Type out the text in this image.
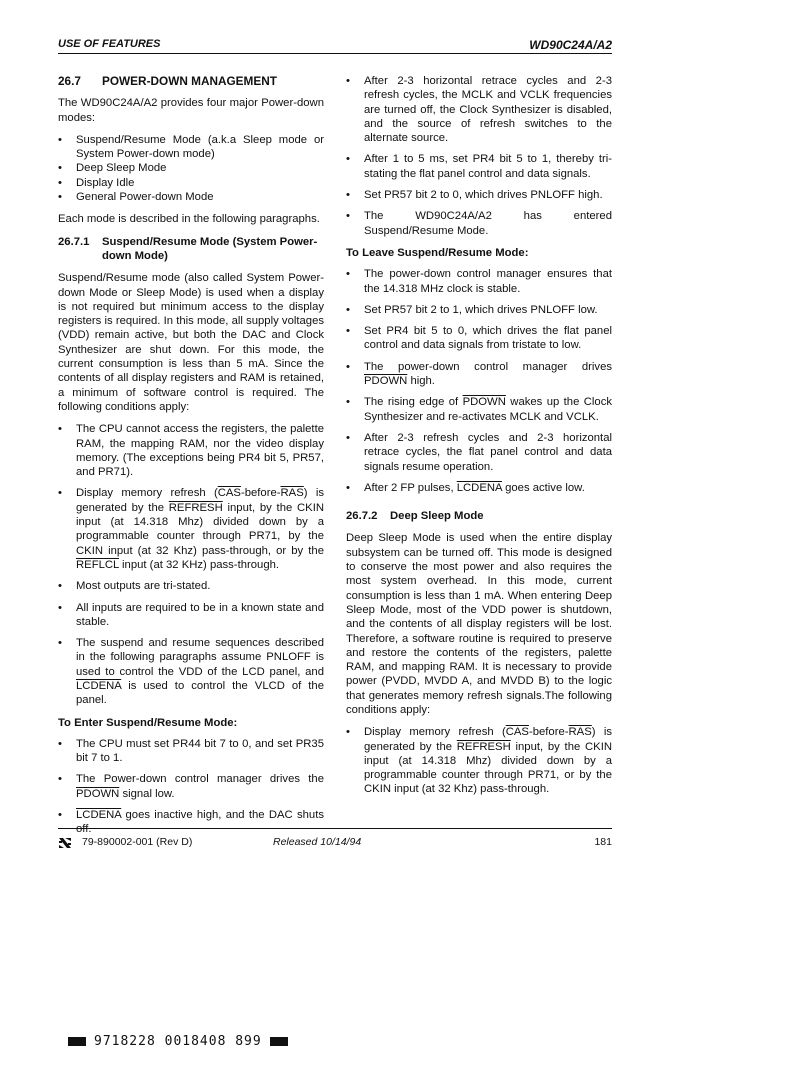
USE OF FEATURES	WD90C24A/A2
26.7 POWER-DOWN MANAGEMENT

The WD90C24A/A2 provides four major Power-down modes:

• Suspend/Resume Mode (a.k.a Sleep mode or System Power-down mode)
• Deep Sleep Mode
• Display Idle
• General Power-down Mode

Each mode is described in the following paragraphs.

26.7.1	Suspend/Resume Mode (System Power-down Mode)

Suspend/Resume mode (also called System Power-down Mode or Sleep Mode) is used when a display is not required but minimum access to the display registers is required. In this mode, all supply voltages (VDD) remain active, but both the DAC and Clock Synthesizer are shut down. For this mode, the current consumption is less than 5 mA. Since the contents of all display registers and RAM is retained, a minimum of software control is required. The following conditions apply:

• The CPU cannot access the registers, the palette RAM, the mapping RAM, nor the video display memory. (The exceptions being PR4 bit 5, PR57, and PR71).
• Display memory refresh $(\overline{CAS}-before-\overline{RAS})$ is generated by the REFRESH input, by the CKIN input (at 14.318 Mhz) divided down by a programmable counter through PR71, by the CKIN input (at 32 Khz) pass-through, or by the REFLCL input (at 32 KHz) pass-through.
• Most outputs are tri-stated.
• All inputs are required to be in a known state and stable.
• The suspend and resume sequences described in the following paragraphs assume PNLOFF is used to control the VDD of the LCD panel, and LCDENA is used to control the VLCD of the panel.
To Enter Suspend/Resume Mode:
• The CPU must set PR44 bit 7 to 0, and set PR35 bit 7 to 1.
• The Power-down control manager drives the PDOWN signal low.
• LCDENA goes inactive high, and the DAC shuts off.
• After 2-3 horizontal retrace cycles and 2-3 refresh cycles, the MCLK and VCLK frequencies are turned off, the Clock Synthesizer is disabled, and the source of refresh switches to the alternate source.
• After 1 to 5 ms, set PR4 bit 5 to 1, thereby tri-stating the flat panel control and data signals.
• Set PR57 bit 2 to 0, which drives PNLOFF high.
• The WD90C24A/A2 has entered Suspend/Resume Mode.
To Leave Suspend/Resume Mode:
• The power-down control manager ensures that the 14.318 MHz clock is stable.
• Set PR57 bit 2 to 1, which drives PNLOFF low.
• Set PR4 bit 5 to 0, which drives the flat panel control and data signals from tristate to low.
• The power-down control manager drives PDOWN high.
• The rising edge of PDOWN wakes up the Clock Synthesizer and re-activates MCLK and VCLK.
• After 2-3 refresh cycles and 2-3 horizontal retrace cycles, the flat panel control and data signals resume operation.
• After 2 FP pulses, LCDENA goes active low.
26.7.2	Deep Sleep Mode

Deep Sleep Mode is used when the entire display subsystem can be turned off. This mode is designed to conserve the most power and also requires the most system overhead. In this mode, current consumption is less than 1 mA. When entering Deep Sleep Mode, most of the VDD power is shutdown, and the contents of all display registers will be lost. Therefore, a software routine is required to preserve and restore the contents of the registers, palette RAM, and mapping RAM. It is necessary to provide power (PVDD, MVDD A, and MVDD B) to the logic that generates memory refresh signals.The following conditions apply:

• Display memory refresh $(\overline{CAS}-before-\overline{RAS})$ is generated by the REFRESH input, by the CKIN input (at 14.318 Mhz) divided down by a programmable counter through PR71, or by the CKIN input (at 32 Khz) pass-through.
79-890002-001 (Rev D)	Released 10/14/94	181
9718228 0018408 899
